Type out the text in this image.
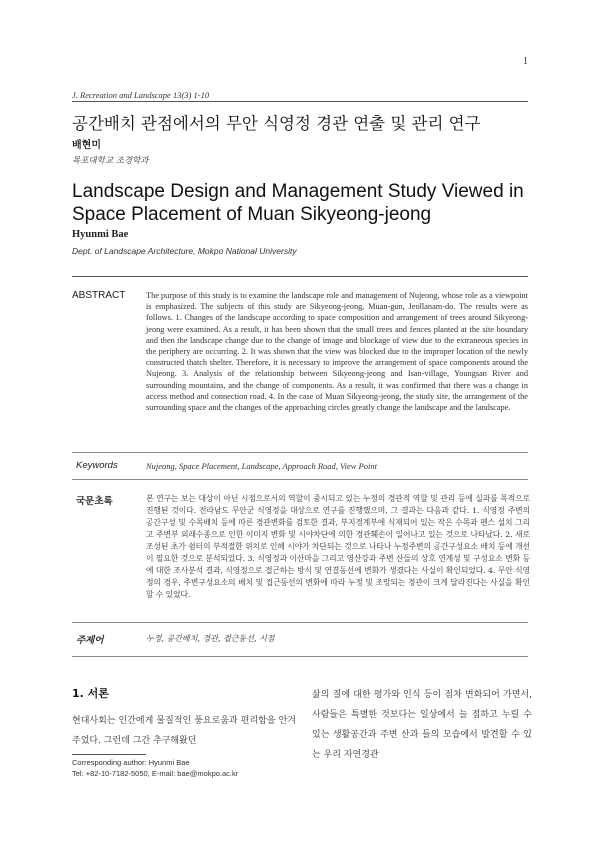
1
J. Recreation and Landscape 13(3) 1-10
공간배치 관점에서의 무안 식영정 경관 연출 및 관리 연구
배현미
목포대학교 조경학과
Landscape Design and Management Study Viewed in Space Placement of Muan Sikyeong-jeong
Hyunmi Bae
Dept. of Landscape Architecture, Mokpo National University
ABSTRACT The purpose of this study is to examine the landscape role and management of Nujeong, whose role as a viewpoint is emphasized. The subjects of this study are Sikyeong-jeong, Muan-gun, Jeollanam-do. The results were as follows. 1. Changes of the landscape according to space composition and arrangement of trees around Sikyeong-jeong were examined. As a result, it has been shown that the small trees and fences planted at the site boundary and then the landscape change due to the change of image and blockage of view due to the extraneous species in the periphery are occurring. 2. It was shown that the view was blocked due to the improper location of the newly constructed thatch shelter. Therefore, it is necessary to improve the arrangement of space components around the Nujeong. 3. Analysis of the relationship between Sikyeong-jeong and Isan-village, Youngsan River and surrounding mountains, and the change of components. As a result, it was confirmed that there was a change in access method and connection road. 4. In the case of Muan Sikyeong-jeong, the study site, the arrangement of the surrounding space and the changes of the approaching circles greatly change the landscape and the landscape.
Keywords	Nujeong, Space Placement, Landscape, Approach Road, View Point
국문초록	본 연구는 보는 대상이 아닌 시점으로서의 역할이 중시되고 있는 누정의 경관적 역할 및 관리 등에 실과를 목적으로 진행된 것이다. 전라남도 무안군 식영정을 대상으로 연구를 진행했으며, 그 결과는 다음과 같다. 1. 식영정 주변의 공간구성 및 수목배치 등에 따른 경관변화를 검토한 결과, 부지경계부에 식재되어 있는 작은 수목과 펜스 설치 그리고 주변부 외래수종으로 인한 이미지 변화 및 시야차단에 의한 경관훼손이 일어나고 있는 것으로 나타났다. 2. 새로 조성된 초가 쉼터의 부적절한 위치로 인해 시야가 차단되는 것으로 나타나 누정주변의 공간구성요소 배치 등에 개선이 필요한 것으로 분석되었다. 3. 식영정과 이산마을 그리고 영산강과 주변 산들의 상호 연계성 및 구성요소 변화 등에 대한 조사분석 결과, 식영정으로 접근하는 방식 및 연결동선에 변화가 생겼다는 사실이 확인되었다. 4. 무안 식영정의 경우, 주변구성요소의 배치 및 접근동선의 변화에 따라 누정 및 조망되는 경관이 크게 달라진다는 사실을 확인할 수 있었다.
주제어	누정, 공간배치, 경관, 접근동선, 시점
1. 서론
현대사회는 인간에게 물질적인 풍요로움과 편리함을 안겨주었다. 그런데 그간 추구해왔던
삶의 질에 대한 평가와 인식 등이 점차 변화되어 가면서, 사람들은 특별한 것보다는 일상에서 늘 접하고 누릴 수 있는 생활공간과 주변 산과 들의 모습에서 발견할 수 있는 우리 자연경관
Corresponding author: Hyunmi Bae
Tel: +82-10-7182-5050, E-mail: bae@mokpo.ac.kr
